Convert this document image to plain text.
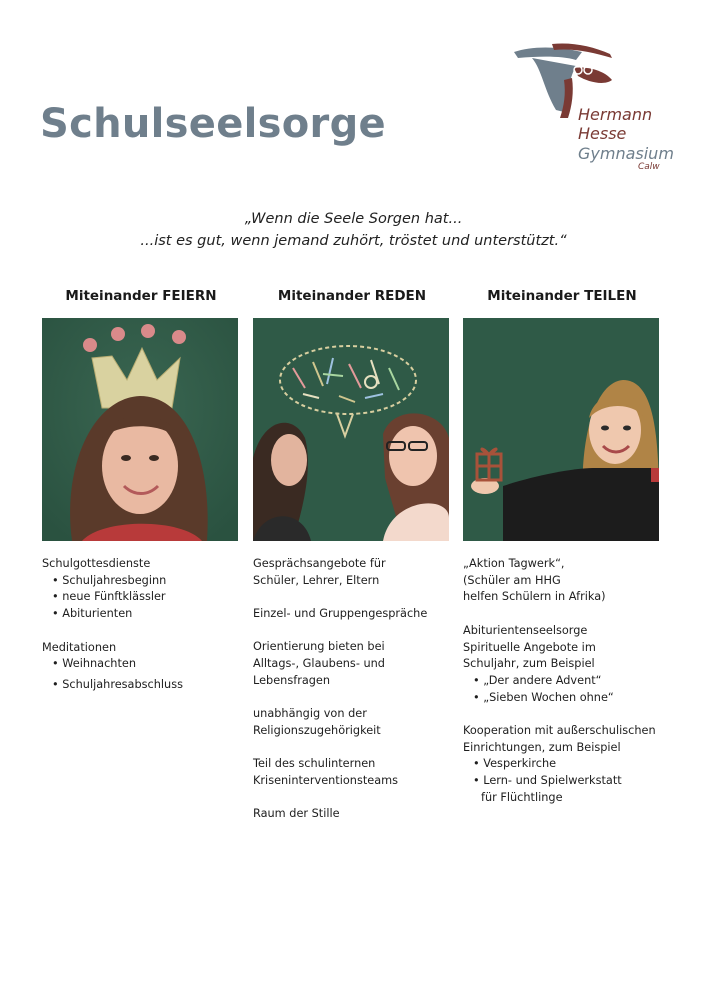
Schulseelsorge	Hermann
Hesse
Gymnasium
Calw
„Wenn die Seele Sorgen hat...
...ist es gut, wenn jemand zuhört, tröstet und unterstützt.“
Miteinander FEIERN
Schulgottesdienste
• Schuljahresbeginn
• neue Fünftklässler
• Abiturienten
Meditationen
• Weihnachten
• Schuljahresabschluss
Miteinander REDEN
Gesprächsangebote für
Schüler, Lehrer, Eltern
Einzel- und Gruppengespräche
Orientierung bieten bei
Alltags-, Glaubens- und
Lebensfragen
unabhängig von der
Religionszugehörigkeit
Teil des schulinternen
Kriseninterventionsteams
Raum der Stille
Miteinander TEILEN
„Aktion Tagwerk“,
(Schüler am HHG
helfen Schülern in Afrika)
Abiturientenseelsorge
Spirituelle Angebote im
Schuljahr, zum Beispiel
• „Der andere Advent“
• „Sieben Wochen ohne“
Kooperation mit außerschulischen
Einrichtungen, zum Beispiel
• Vesperkirche
• Lern- und Spielwerkstatt
für Flüchtlinge
